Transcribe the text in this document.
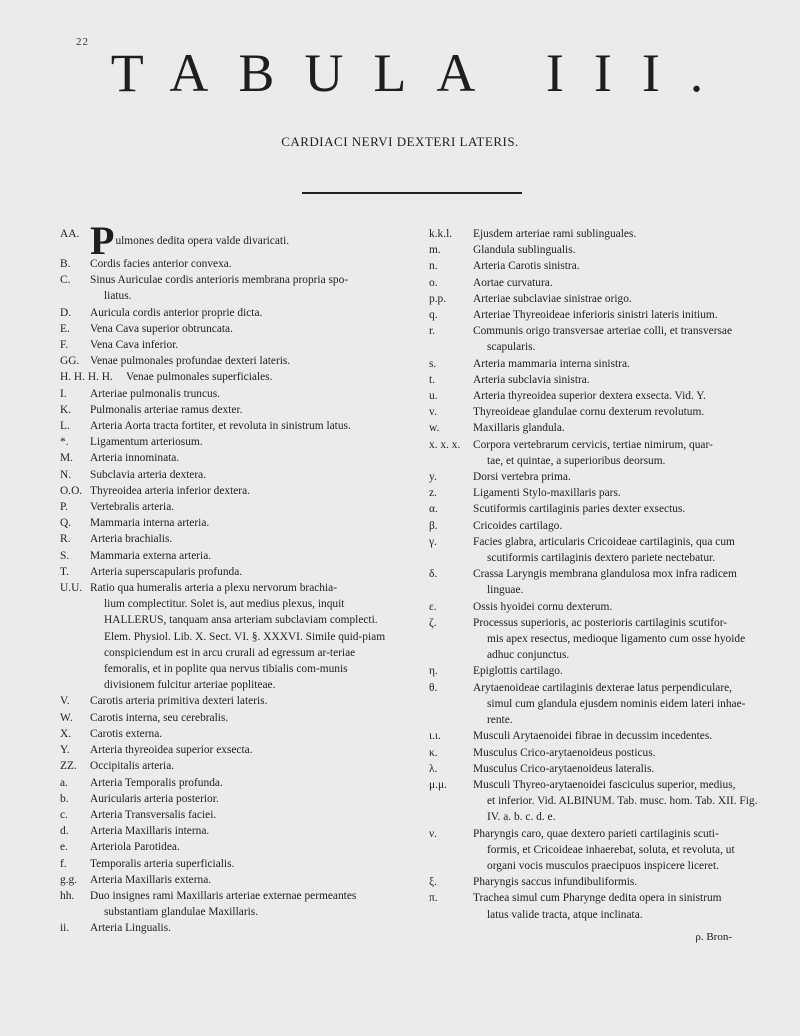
22
TABULA III.
CARDIACI NERVI DEXTERI LATERIS.
AA. Pulmones dedita opera valde divaricati.
B.	Cordis facies anterior convexa.
C.	Sinus Auriculae cordis anterioris membrana propria spo-
liatus.
D.	Auricula cordis anterior proprie dicta.
E.	Vena Cava superior obtruncata.
F.	Vena Cava inferior.
GG. Venae pulmonales profundae dexteri lateris.
H. H. H. H.	Venae pulmonales superficiales.
I.	Arteriae pulmonalis truncus.
K.	Pulmonalis arteriae ramus dexter.
L.	Arteria Aorta tracta fortiter, et revoluta in sinistrum latus.
*.	Ligamentum arteriosum.
M.	Arteria innominata.
N.	Subclavia arteria dextera.
O.O. Thyreoidea arteria inferior dextera.
P.	Vertebralis arteria.
Q.	Mammaria interna arteria.
R.	Arteria brachialis.
S.	Mammaria externa arteria.
T.	Arteria superscapularis profunda.
U.U. Ratio qua humeralis arteria a plexu nervorum brachia-
lium complectitur. Solet is, aut medius plexus, inquit HALLERUS, tanquam ansa arteriam subclaviam complecti. Elem. Physiol. Lib. X. Sect. VI. §. XXXVI. Simile quid-piam conspiciendum est in arcu crurali ad egressum ar-teriae femoralis, et in poplite qua nervus tibialis com-munis divisionem fulcitur arteriae popliteae.
V.	Carotis arteria primitiva dexteri lateris.
W.	Carotis interna, seu cerebralis.
X.	Carotis externa.
Y.	Arteria thyreoidea superior exsecta.
ZZ.	Occipitalis arteria.
a.	Arteria Temporalis profunda.
b.	Auricularis arteria posterior.
c.	Arteria Transversalis faciei.
d.	Arteria Maxillaris interna.
e.	Arteriola Parotidea.
f.	Temporalis arteria superficialis.
g.g.	Arteria Maxillaris externa.
hh.	Duo insignes rami Maxillaris arteriae externae permeantes
substantiam glandulae Maxillaris.
ii.	Arteria Lingualis.
k.k.l.	Ejusdem arteriae rami sublinguales.
m.	Glandula sublingualis.
n.	Arteria Carotis sinistra.
o.	Aortae curvatura.
p.p.	Arteriae subclaviae sinistrae origo.
q.	Arteriae Thyreoideae inferioris sinistri lateris initium.
r.	Communis origo transversae arteriae colli, et transversae
scapularis.
s.	Arteria mammaria interna sinistra.
t.	Arteria subclavia sinistra.
u.	Arteria thyreoidea superior dextera exsecta. Vid. Y.
v.	Thyreoideae glandulae cornu dexterum revolutum.
w.	Maxillaris glandula.
x. x. x.	Corpora vertebrarum cervicis, tertiae nimirum, quar-
tae, et quintae, a superioribus deorsum.
y.	Dorsi vertebra prima.
z.	Ligamenti Stylo-maxillaris pars.
α.	Scutiformis cartilaginis paries dexter exsectus.
β.	Cricoides cartilago.
γ.	Facies glabra, articularis Cricoideae cartilaginis, qua cum
scutiformis cartilaginis dextero pariete nectebatur.
δ.	Crassa Laryngis membrana glandulosa mox infra radicem
linguae.
ε.	Ossis hyoidei cornu dexterum.
ζ.	Processus superioris, ac posterioris cartilaginis scutifor-
mis apex resectus, medioque ligamento cum osse hyoide adhuc conjunctus.
η.	Epiglottis cartilago.
θ.	Arytaenoideae cartilaginis dexterae latus perpendiculare,
simul cum glandula ejusdem nominis eidem lateri inhae-rente.
ι.ι.	Musculi Arytaenoidei fibrae in decussim incedentes.
κ.	Musculus Crico-arytaenoideus posticus.
λ.	Musculus Crico-arytaenoideus lateralis.
μ.μ.	Musculi Thyreo-arytaenoidei fasciculus superior, medius,
et inferior. Vid. ALBINUM. Tab. musc. hom. Tab. XII. Fig. IV. a. b. c. d. e.
ν.	Pharyngis caro, quae dextero parieti cartilaginis scuti-
formis, et Cricoideae inhaerebat, soluta, et revoluta, ut organi vocis musculos praecipuos inspicere liceret.
ξ.	Pharyngis saccus infundibuliformis.
π.	Trachea simul cum Pharynge dedita opera in sinistrum
latus valide tracta, atque inclinata.
ρ. Bron-
